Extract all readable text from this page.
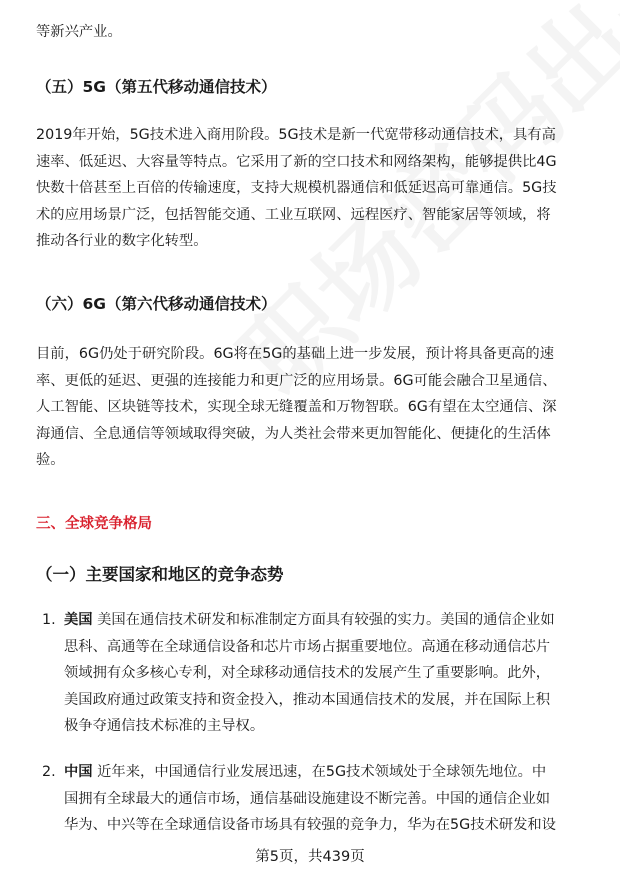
等新兴产业。
（五）5G（第五代移动通信技术）
2019年开始，5G技术进入商用阶段。5G技术是新一代宽带移动通信技术，具有高
速率、低延迟、大容量等特点。它采用了新的空口技术和网络架构，能够提供比4G
快数十倍甚至上百倍的传输速度，支持大规模机器通信和低延迟高可靠通信。5G技
术的应用场景广泛，包括智能交通、工业互联网、远程医疗、智能家居等领域，将
推动各行业的数字化转型。
（六）6G（第六代移动通信技术）
目前，6G仍处于研究阶段。6G将在5G的基础上进一步发展，预计将具备更高的速
率、更低的延迟、更强的连接能力和更广泛的应用场景。6G可能会融合卫星通信、
人工智能、区块链等技术，实现全球无缝覆盖和万物智联。6G有望在太空通信、深
海通信、全息通信等领域取得突破，为人类社会带来更加智能化、便捷化的生活体
验。
三、全球竞争格局
（一）主要国家和地区的竞争态势
1. 美国 美国在通信技术研发和标准制定方面具有较强的实力。美国的通信企业如
思科、高通等在全球通信设备和芯片市场占据重要地位。高通在移动通信芯片
领域拥有众多核心专利，对全球移动通信技术的发展产生了重要影响。此外，
美国政府通过政策支持和资金投入，推动本国通信技术的发展，并在国际上积
极争夺通信技术标准的主导权。
2. 中国 近年来，中国通信行业发展迅速，在5G技术领域处于全球领先地位。中
国拥有全球最大的通信市场，通信基础设施建设不断完善。中国的通信企业如
华为、中兴等在全球通信设备市场具有较强的竞争力，华为在5G技术研发和设
第5页，共439页
